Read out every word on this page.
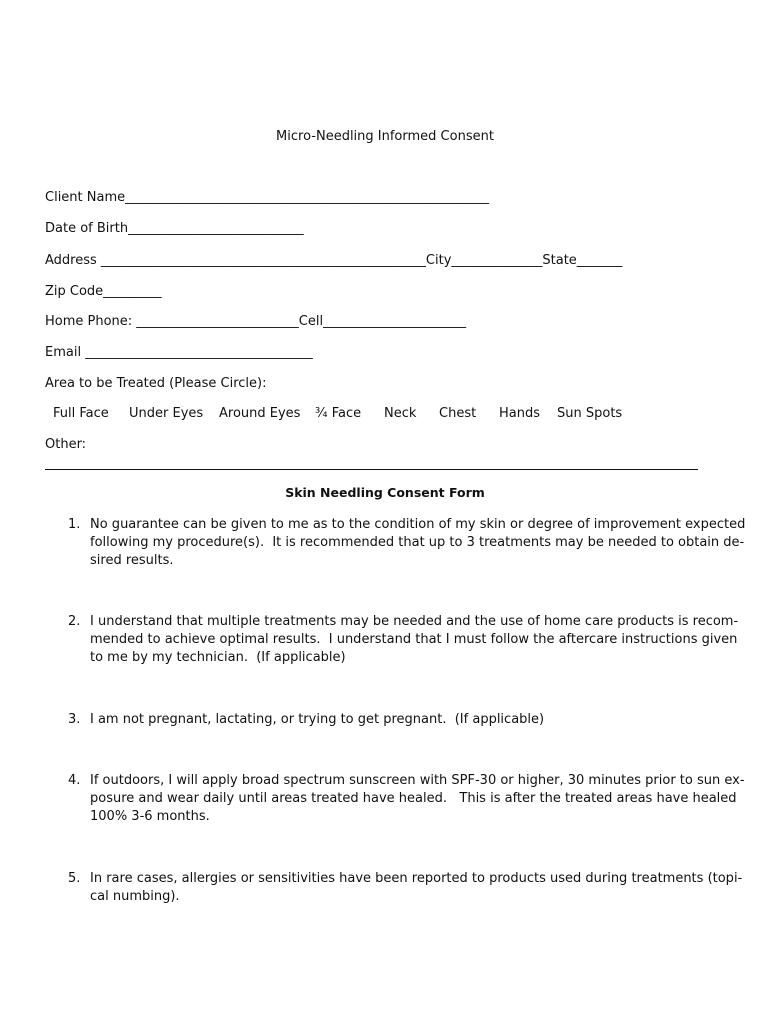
Micro-Needling Informed Consent
Client Name________________________________________________________
Date of Birth___________________________
Address __________________________________________________City______________State_______
Zip Code_________
Home Phone: _________________________Cell______________________
Email ___________________________________
Area to be Treated (Please Circle):
Full Face Under Eyes Around Eyes ¾ Face Neck Chest Hands Sun Spots
Other:
Skin Needling Consent Form
1. No guarantee can be given to me as to the condition of my skin or degree of improvement expected
following my procedure(s).  It is recommended that up to 3 treatments may be needed to obtain de-
sired results.
2. I understand that multiple treatments may be needed and the use of home care products is recom-
mended to achieve optimal results.  I understand that I must follow the aftercare instructions given
to me by my technician.  (If applicable)
3. I am not pregnant, lactating, or trying to get pregnant.  (If applicable)
4. If outdoors, I will apply broad spectrum sunscreen with SPF-30 or higher, 30 minutes prior to sun ex-
posure and wear daily until areas treated have healed.   This is after the treated areas have healed
100% 3-6 months.
5. In rare cases, allergies or sensitivities have been reported to products used during treatments (topi-
cal numbing).
